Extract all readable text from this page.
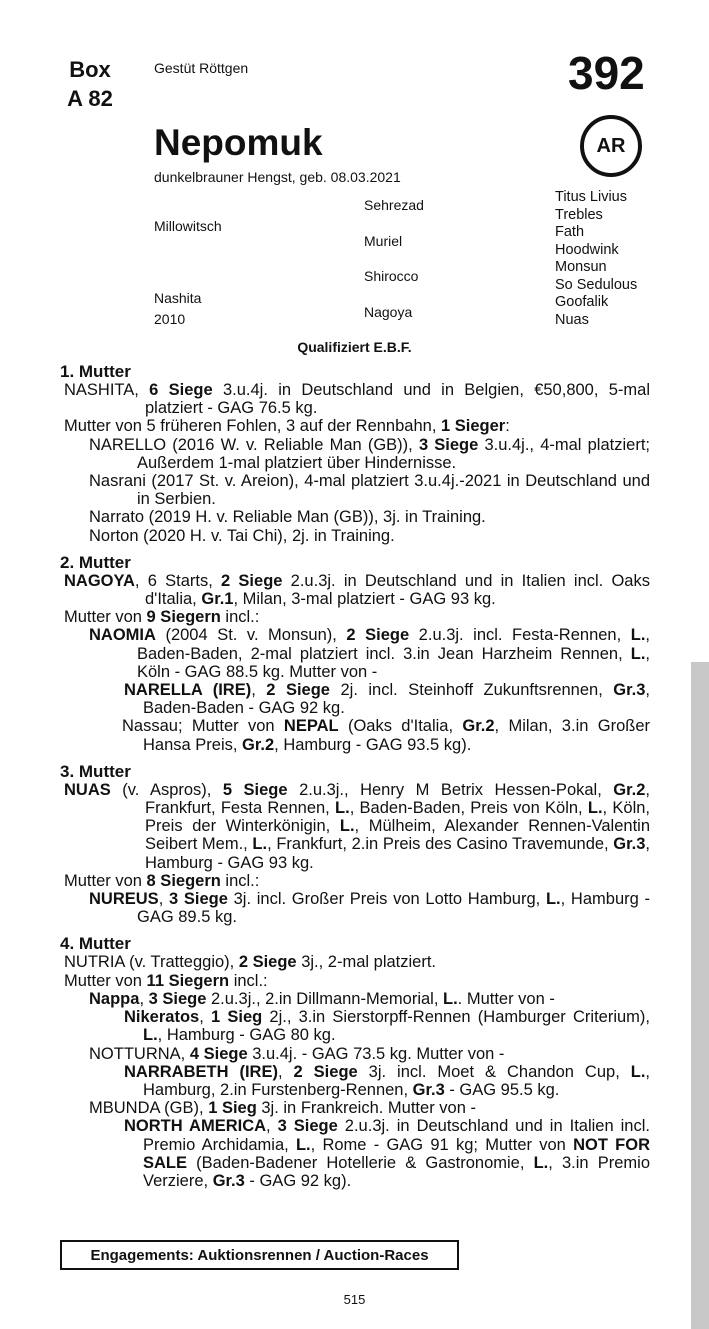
Box A 82
Gestüt Röttgen	392
AR
Nepomuk
dunkelbrauner Hengst, geb. 08.03.2021
Millowitsch
Nashita
2010
Sehrezad
Muriel
Shirocco
Nagoya
Titus Livius
Trebles
Fath
Hoodwink
Monsun
So Sedulous
Goofalik
Nuas
Qualifiziert E.B.F.
1. Mutter
NASHITA, 6 Siege 3.u.4j. in Deutschland und in Belgien, €50,800, 5-mal platziert - GAG 76.5 kg.
Mutter von 5 früheren Fohlen, 3 auf der Rennbahn, 1 Sieger:
NARELLO (2016 W. v. Reliable Man (GB)), 3 Siege 3.u.4j., 4-mal platziert; Außerdem 1-mal platziert über Hindernisse.
Nasrani (2017 St. v. Areion), 4-mal platziert 3.u.4j.-2021 in Deutschland und in Serbien.
Narrato (2019 H. v. Reliable Man (GB)), 3j. in Training.
Norton (2020 H. v. Tai Chi), 2j. in Training.
2. Mutter
NAGOYA, 6 Starts, 2 Siege 2.u.3j. in Deutschland und in Italien incl. Oaks d'Italia, Gr.1, Milan, 3-mal platziert - GAG 93 kg.
Mutter von 9 Siegern incl.:
NAOMIA (2004 St. v. Monsun), 2 Siege 2.u.3j. incl. Festa-Rennen, L., Baden-Baden, 2-mal platziert incl. 3.in Jean Harzheim Rennen, L., Köln - GAG 88.5 kg. Mutter von -
NARELLA (IRE), 2 Siege 2j. incl. Steinhoff Zukunftsrennen, Gr.3, Baden-Baden - GAG 92 kg.
Nassau; Mutter von NEPAL (Oaks d'Italia, Gr.2, Milan, 3.in Großer Hansa Preis, Gr.2, Hamburg - GAG 93.5 kg).
3. Mutter
NUAS (v. Aspros), 5 Siege 2.u.3j., Henry M Betrix Hessen-Pokal, Gr.2, Frankfurt, Festa Rennen, L., Baden-Baden, Preis von Köln, L., Köln, Preis der Winterkönigin, L., Mülheim, Alexander Rennen-Valentin Seibert Mem., L., Frankfurt, 2.in Preis des Casino Travemunde, Gr.3, Hamburg - GAG 93 kg.
Mutter von 8 Siegern incl.:
NUREUS, 3 Siege 3j. incl. Großer Preis von Lotto Hamburg, L., Hamburg - GAG 89.5 kg.
4. Mutter
NUTRIA (v. Tratteggio), 2 Siege 3j., 2-mal platziert.
Mutter von 11 Siegern incl.:
Nappa, 3 Siege 2.u.3j., 2.in Dillmann-Memorial, L.. Mutter von -
Nikeratos, 1 Sieg 2j., 3.in Sierstorpff-Rennen (Hamburger Criterium), L., Hamburg - GAG 80 kg.
NOTTURNA, 4 Siege 3.u.4j. - GAG 73.5 kg. Mutter von -
NARRABETH (IRE), 2 Siege 3j. incl. Moet & Chandon Cup, L., Hamburg, 2.in Furstenberg-Rennen, Gr.3 - GAG 95.5 kg.
MBUNDA (GB), 1 Sieg 3j. in Frankreich. Mutter von -
NORTH AMERICA, 3 Siege 2.u.3j. in Deutschland und in Italien incl. Premio Archidamia, L., Rome - GAG 91 kg; Mutter von NOT FOR SALE (Baden-Badener Hotellerie & Gastronomie, L., 3.in Premio Verziere, Gr.3 - GAG 92 kg).
Engagements: Auktionsrennen / Auction-Races
515
